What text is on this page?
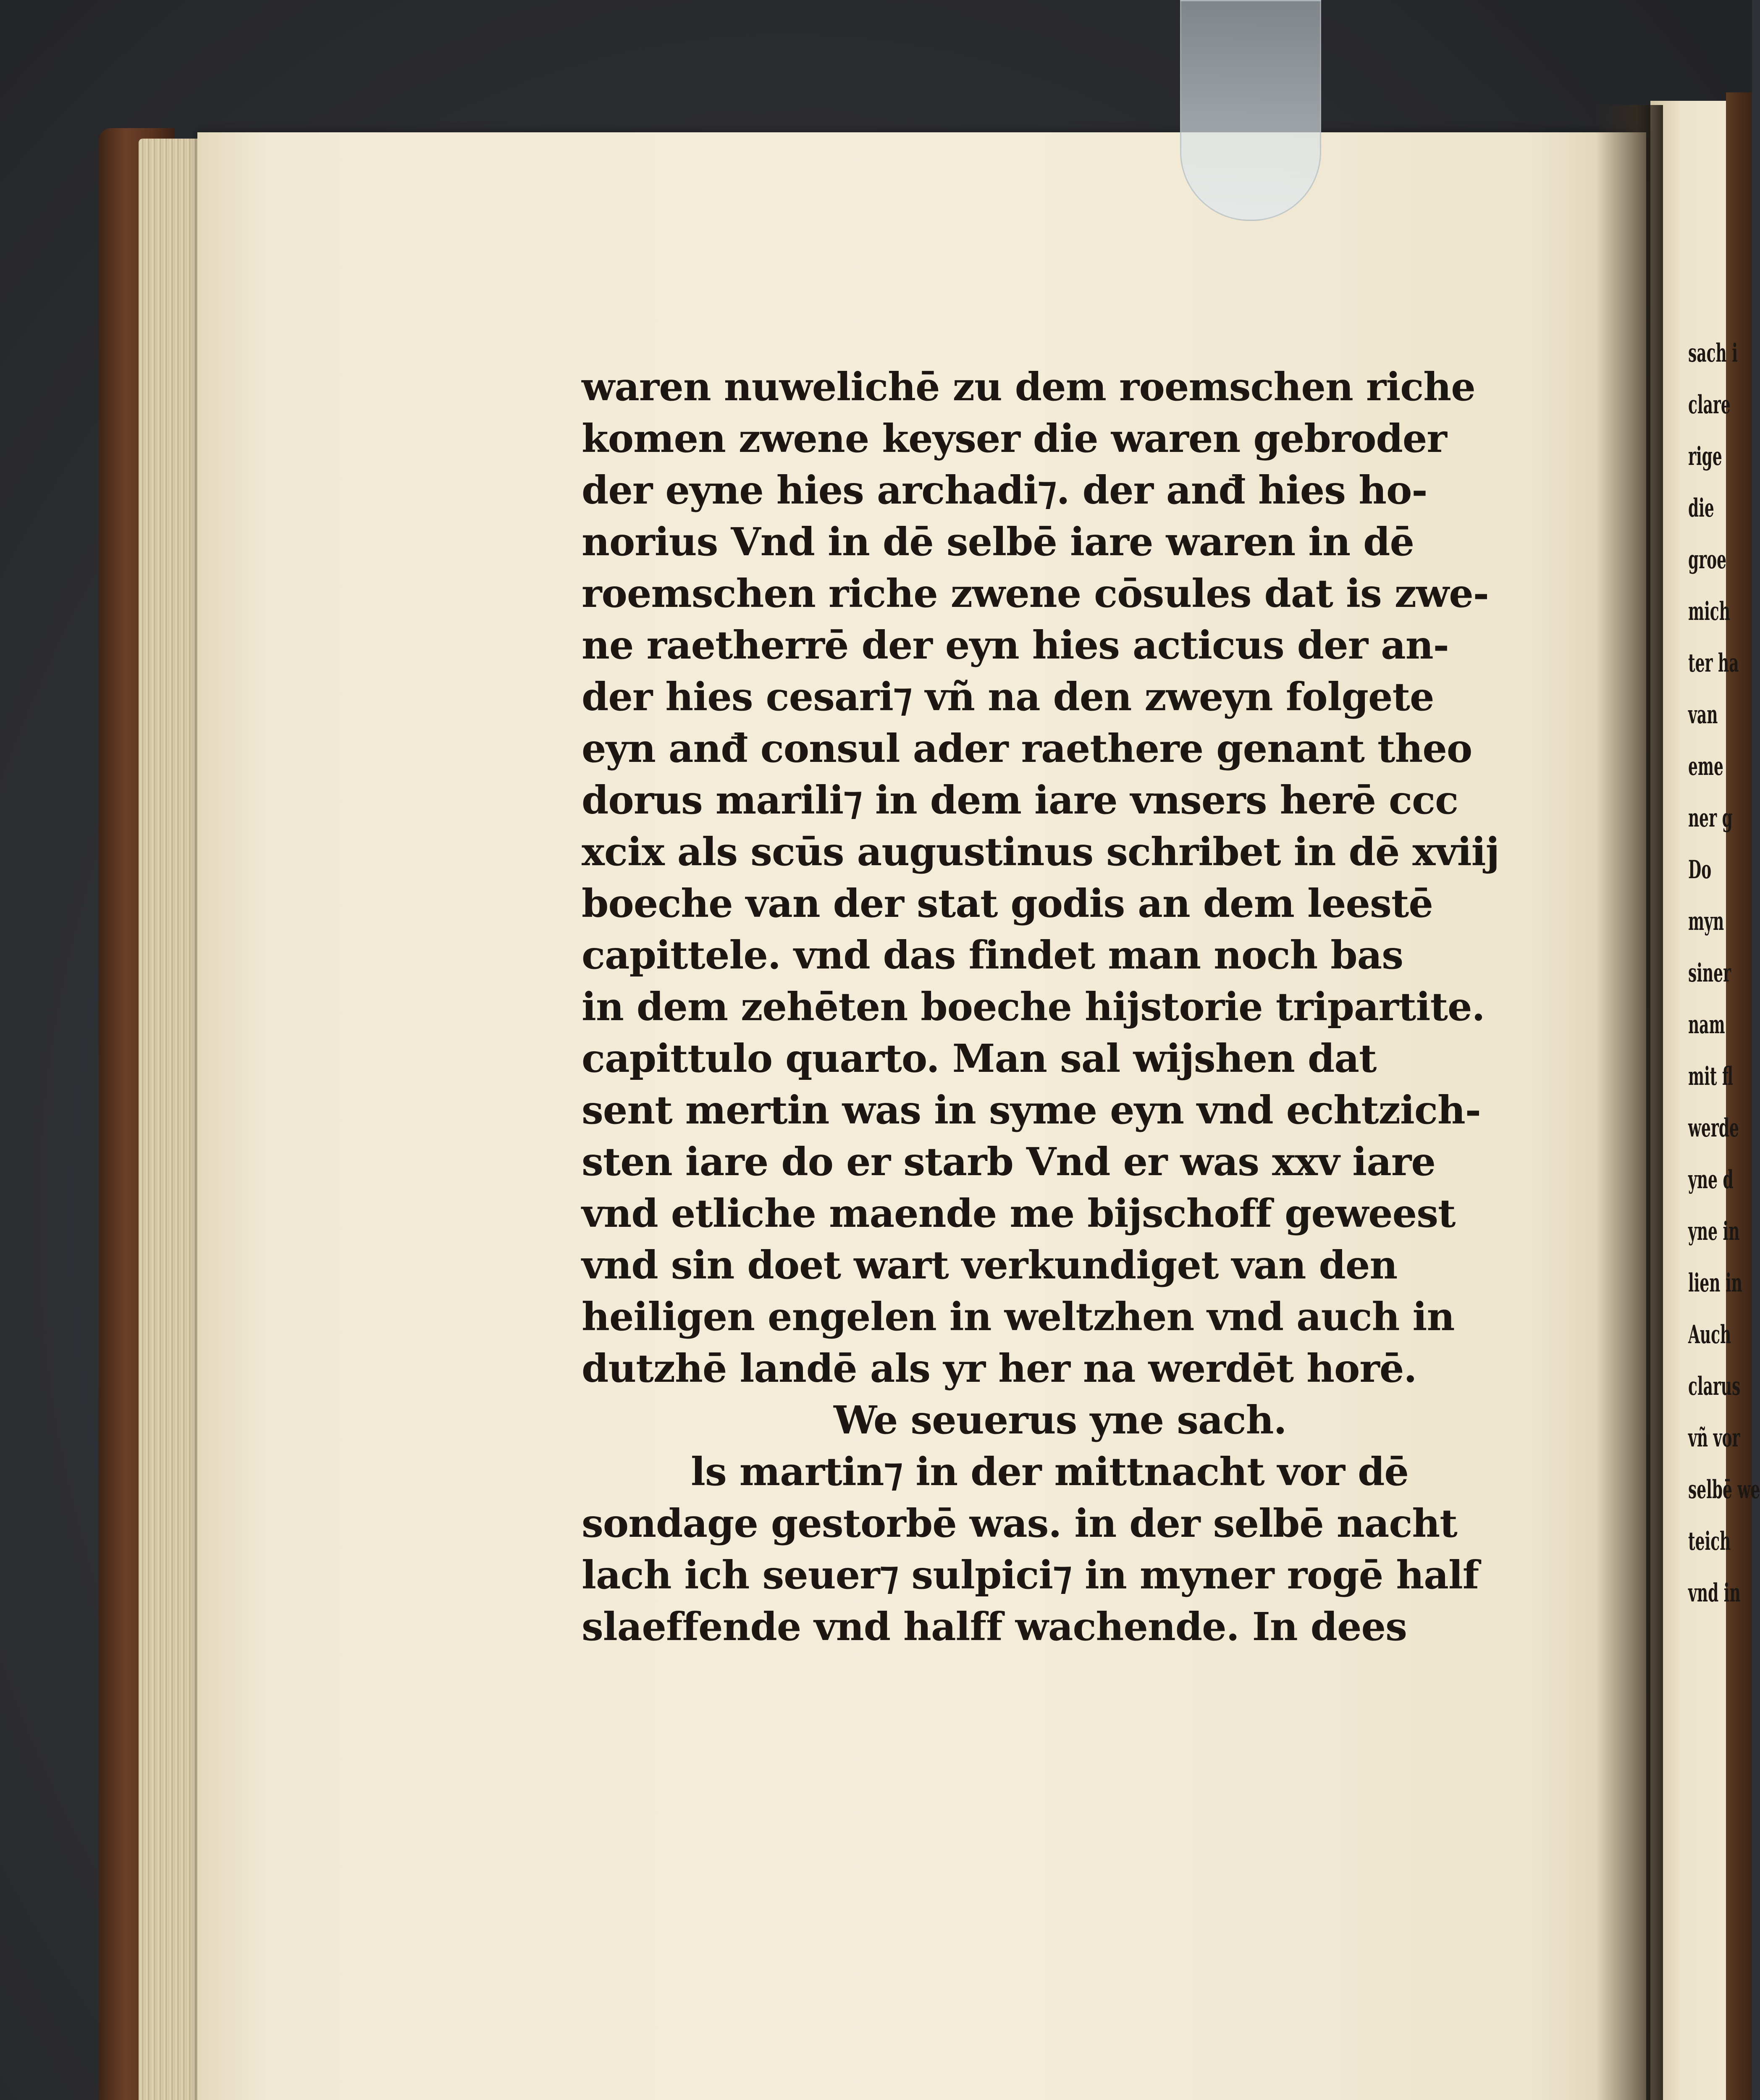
waren nuwelichē zu dem roemschen riche
komen zwene keyser die waren gebroder
der eyne hies archadi⁊. der anđ hies ho-
norius Vnd in dē selbē iare waren in dē
roemschen riche zwene cōsules dat is zwe-
ne raetherrē der eyn hies acticus der an-
der hies cesari⁊ vñ na den zweyn folgete
eyn anđ consul ader raethere genant theo
dorus marili⁊ in dem iare vnsers herē ccc
xcix als scūs augustinus schribet in dē xviij
boeche van der stat godis an dem leestē
capittele. vnd das findet man noch bas
in dem zehēten boeche hijstorie tripartite.
capittulo quarto. Man sal wijshen dat
sent mertin was in syme eyn vnd echtzich-
sten iare do er starb Vnd er was xxv iare
vnd etliche maende me bijschoff geweest
vnd sin doet wart verkundiget van den
heiligen engelen in weltzhen vnd auch in
dutzhē landē als yr her na werdēt horē.
We seuerus yne sach.
ls martin⁊ in der mittnacht vor dē
sondage gestorbē was. in der selbē nacht
lach ich seuer⁊ sulpici⁊ in myner rogē half
slaeffende vnd halff wachende. In dees
sach i
clare
rige
die
groe
mich
ter ha
van
eme
ner g
Do
myn
siner
nam
mit fl
werde
yne d
yne in
lien in
Auch
clarus
vñ vor
selbē we
teich
vnd in
